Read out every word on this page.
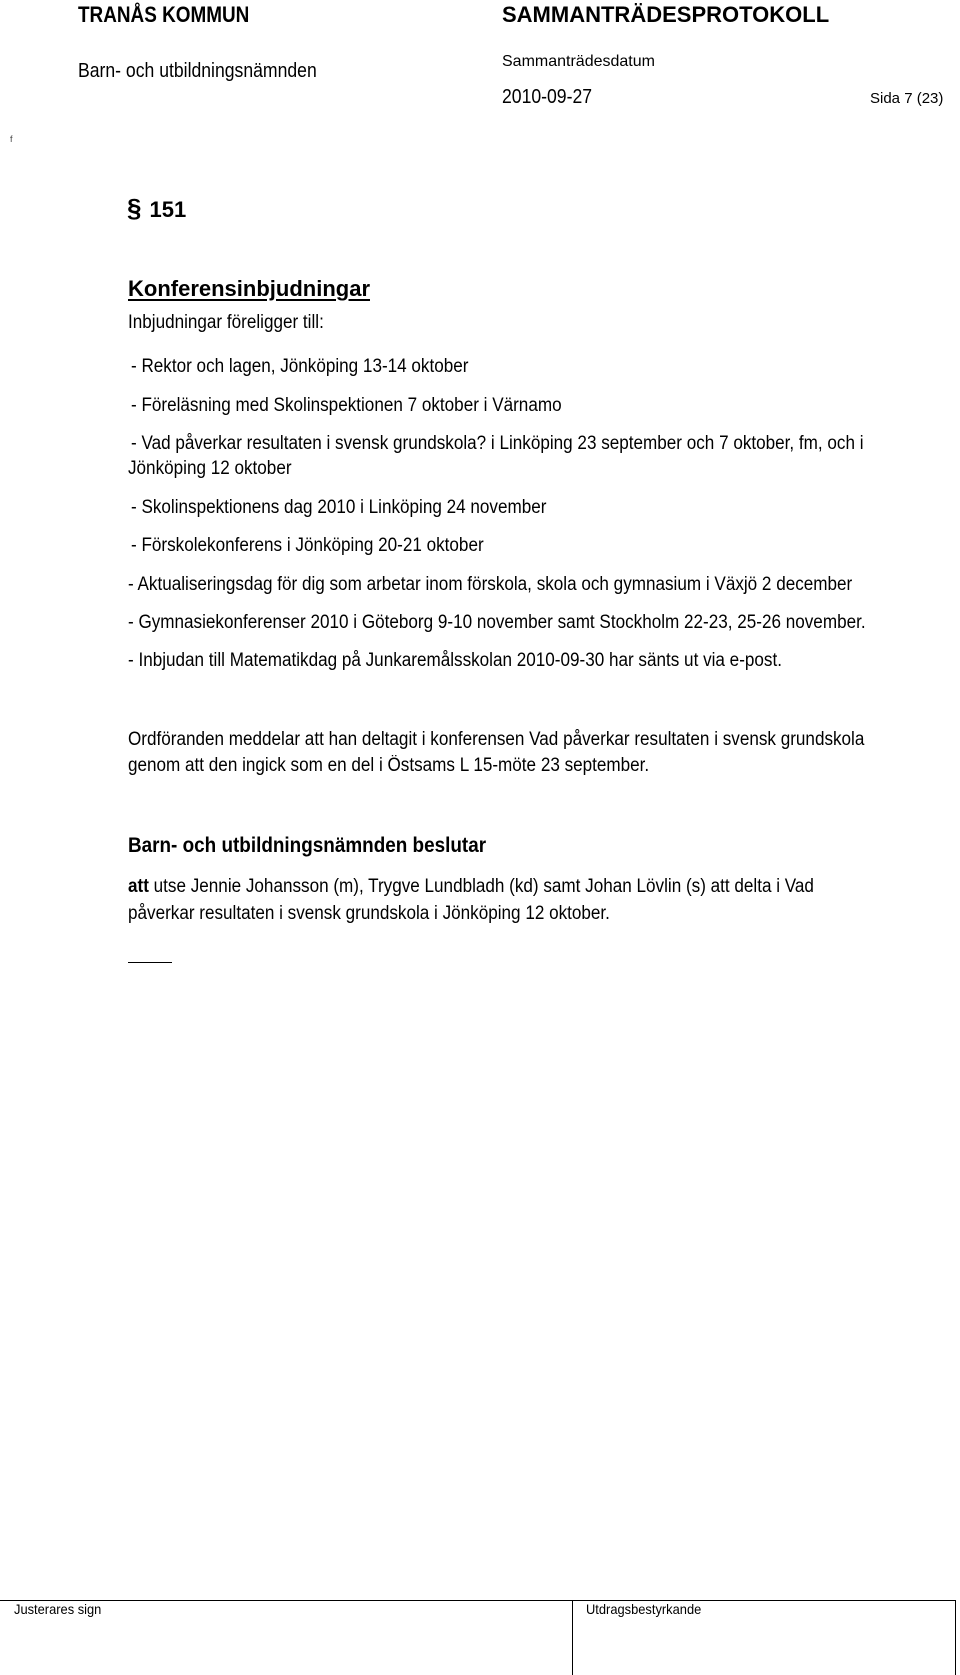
TRANÅS KOMMUN
Barn- och utbildningsnämnden
SAMMANTRÄDESPROTOKOLL
Sammanträdesdatum
2010-09-27	Sida 7 (23)
f
§ 151
Konferensinbjudningar
Inbjudningar föreligger till:
- Rektor och lagen, Jönköping 13-14 oktober
- Föreläsning med Skolinspektionen 7 oktober i Värnamo
- Vad påverkar resultaten i svensk grundskola? i Linköping 23 september och 7 oktober, fm, och i
Jönköping 12 oktober
- Skolinspektionens dag 2010 i Linköping 24 november
- Förskolekonferens i Jönköping 20-21 oktober
- Aktualiseringsdag för dig som arbetar inom förskola, skola och gymnasium i Växjö 2 december
- Gymnasiekonferenser 2010 i Göteborg 9-10 november samt Stockholm 22-23, 25-26 november.
- Inbjudan till Matematikdag på Junkaremålsskolan 2010-09-30 har sänts ut via e-post.
Ordföranden meddelar att han deltagit i konferensen Vad påverkar resultaten i svensk grundskola
genom att den ingick som en del i Östsams L 15-möte 23 september.
Barn- och utbildningsnämnden beslutar
att utse Jennie Johansson (m), Trygve Lundbladh (kd) samt Johan Lövlin (s) att delta i Vad
påverkar resultaten i svensk grundskola i Jönköping 12 oktober.
Justerares sign	Utdragsbestyrkande
